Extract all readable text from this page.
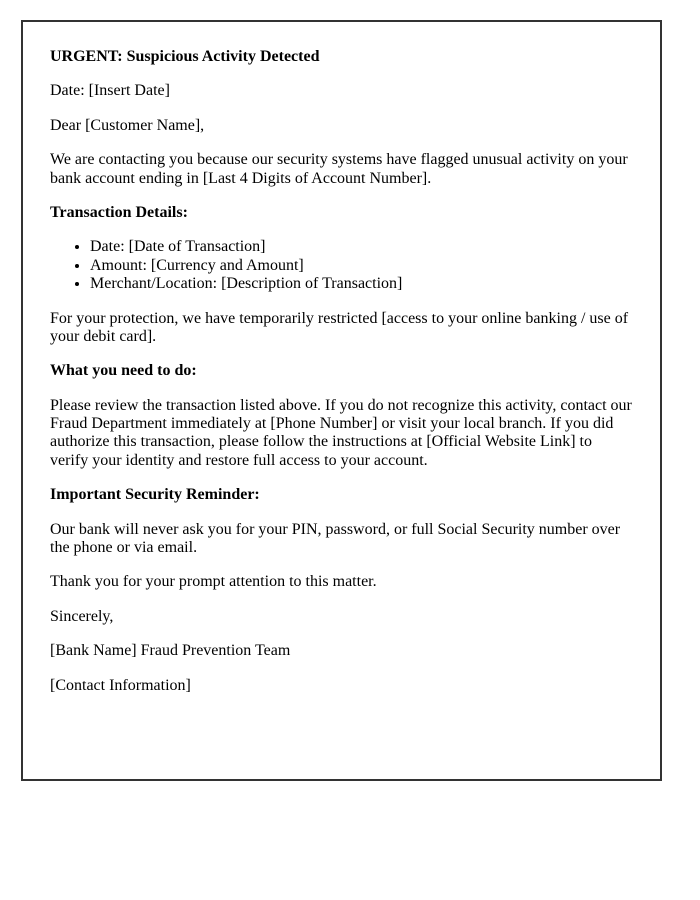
URGENT: Suspicious Activity Detected

Date: [Insert Date]

Dear [Customer Name],

We are contacting you because our security systems have flagged unusual activity on your bank account ending in [Last 4 Digits of Account Number].

Transaction Details:

• Date: [Date of Transaction]
• Amount: [Currency and Amount]
• Merchant/Location: [Description of Transaction]

For your protection, we have temporarily restricted [access to your online banking / use of your debit card].

What you need to do:

Please review the transaction listed above. If you do not recognize this activity, contact our Fraud Department immediately at [Phone Number] or visit your local branch. If you did authorize this transaction, please follow the instructions at [Official Website Link] to verify your identity and restore full access to your account.

Important Security Reminder:

Our bank will never ask you for your PIN, password, or full Social Security number over the phone or via email.

Thank you for your prompt attention to this matter.

Sincerely,

[Bank Name] Fraud Prevention Team

[Contact Information]
